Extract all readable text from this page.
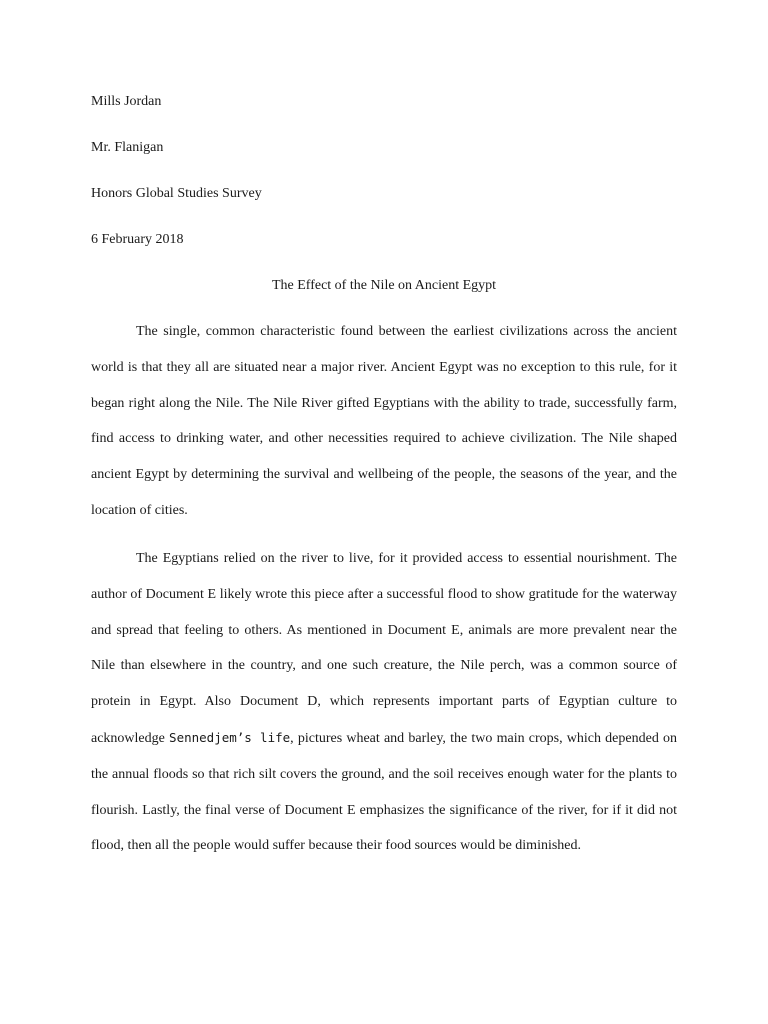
Mills Jordan
Mr. Flanigan
Honors Global Studies Survey
6 February 2018
The Effect of the Nile on Ancient Egypt

The single, common characteristic found between the earliest civilizations across the ancient world is that they all are situated near a major river. Ancient Egypt was no exception to this rule, for it began right along the Nile. The Nile River gifted Egyptians with the ability to trade, successfully farm, find access to drinking water, and other necessities required to achieve civilization. The Nile shaped ancient Egypt by determining the survival and wellbeing of the people, the seasons of the year, and the location of cities.

The Egyptians relied on the river to live, for it provided access to essential nourishment. The author of Document E likely wrote this piece after a successful flood to show gratitude for the waterway and spread that feeling to others. As mentioned in Document E, animals are more prevalent near the Nile than elsewhere in the country, and one such creature, the Nile perch, was a common source of protein in Egypt. Also Document D, which represents important parts of Egyptian culture to acknowledge Sennedjem’s life, pictures wheat and barley, the two main crops, which depended on the annual floods so that rich silt covers the ground, and the soil receives enough water for the plants to flourish. Lastly, the final verse of Document E emphasizes the significance of the river, for if it did not flood, then all the people would suffer because their food sources would be diminished.
